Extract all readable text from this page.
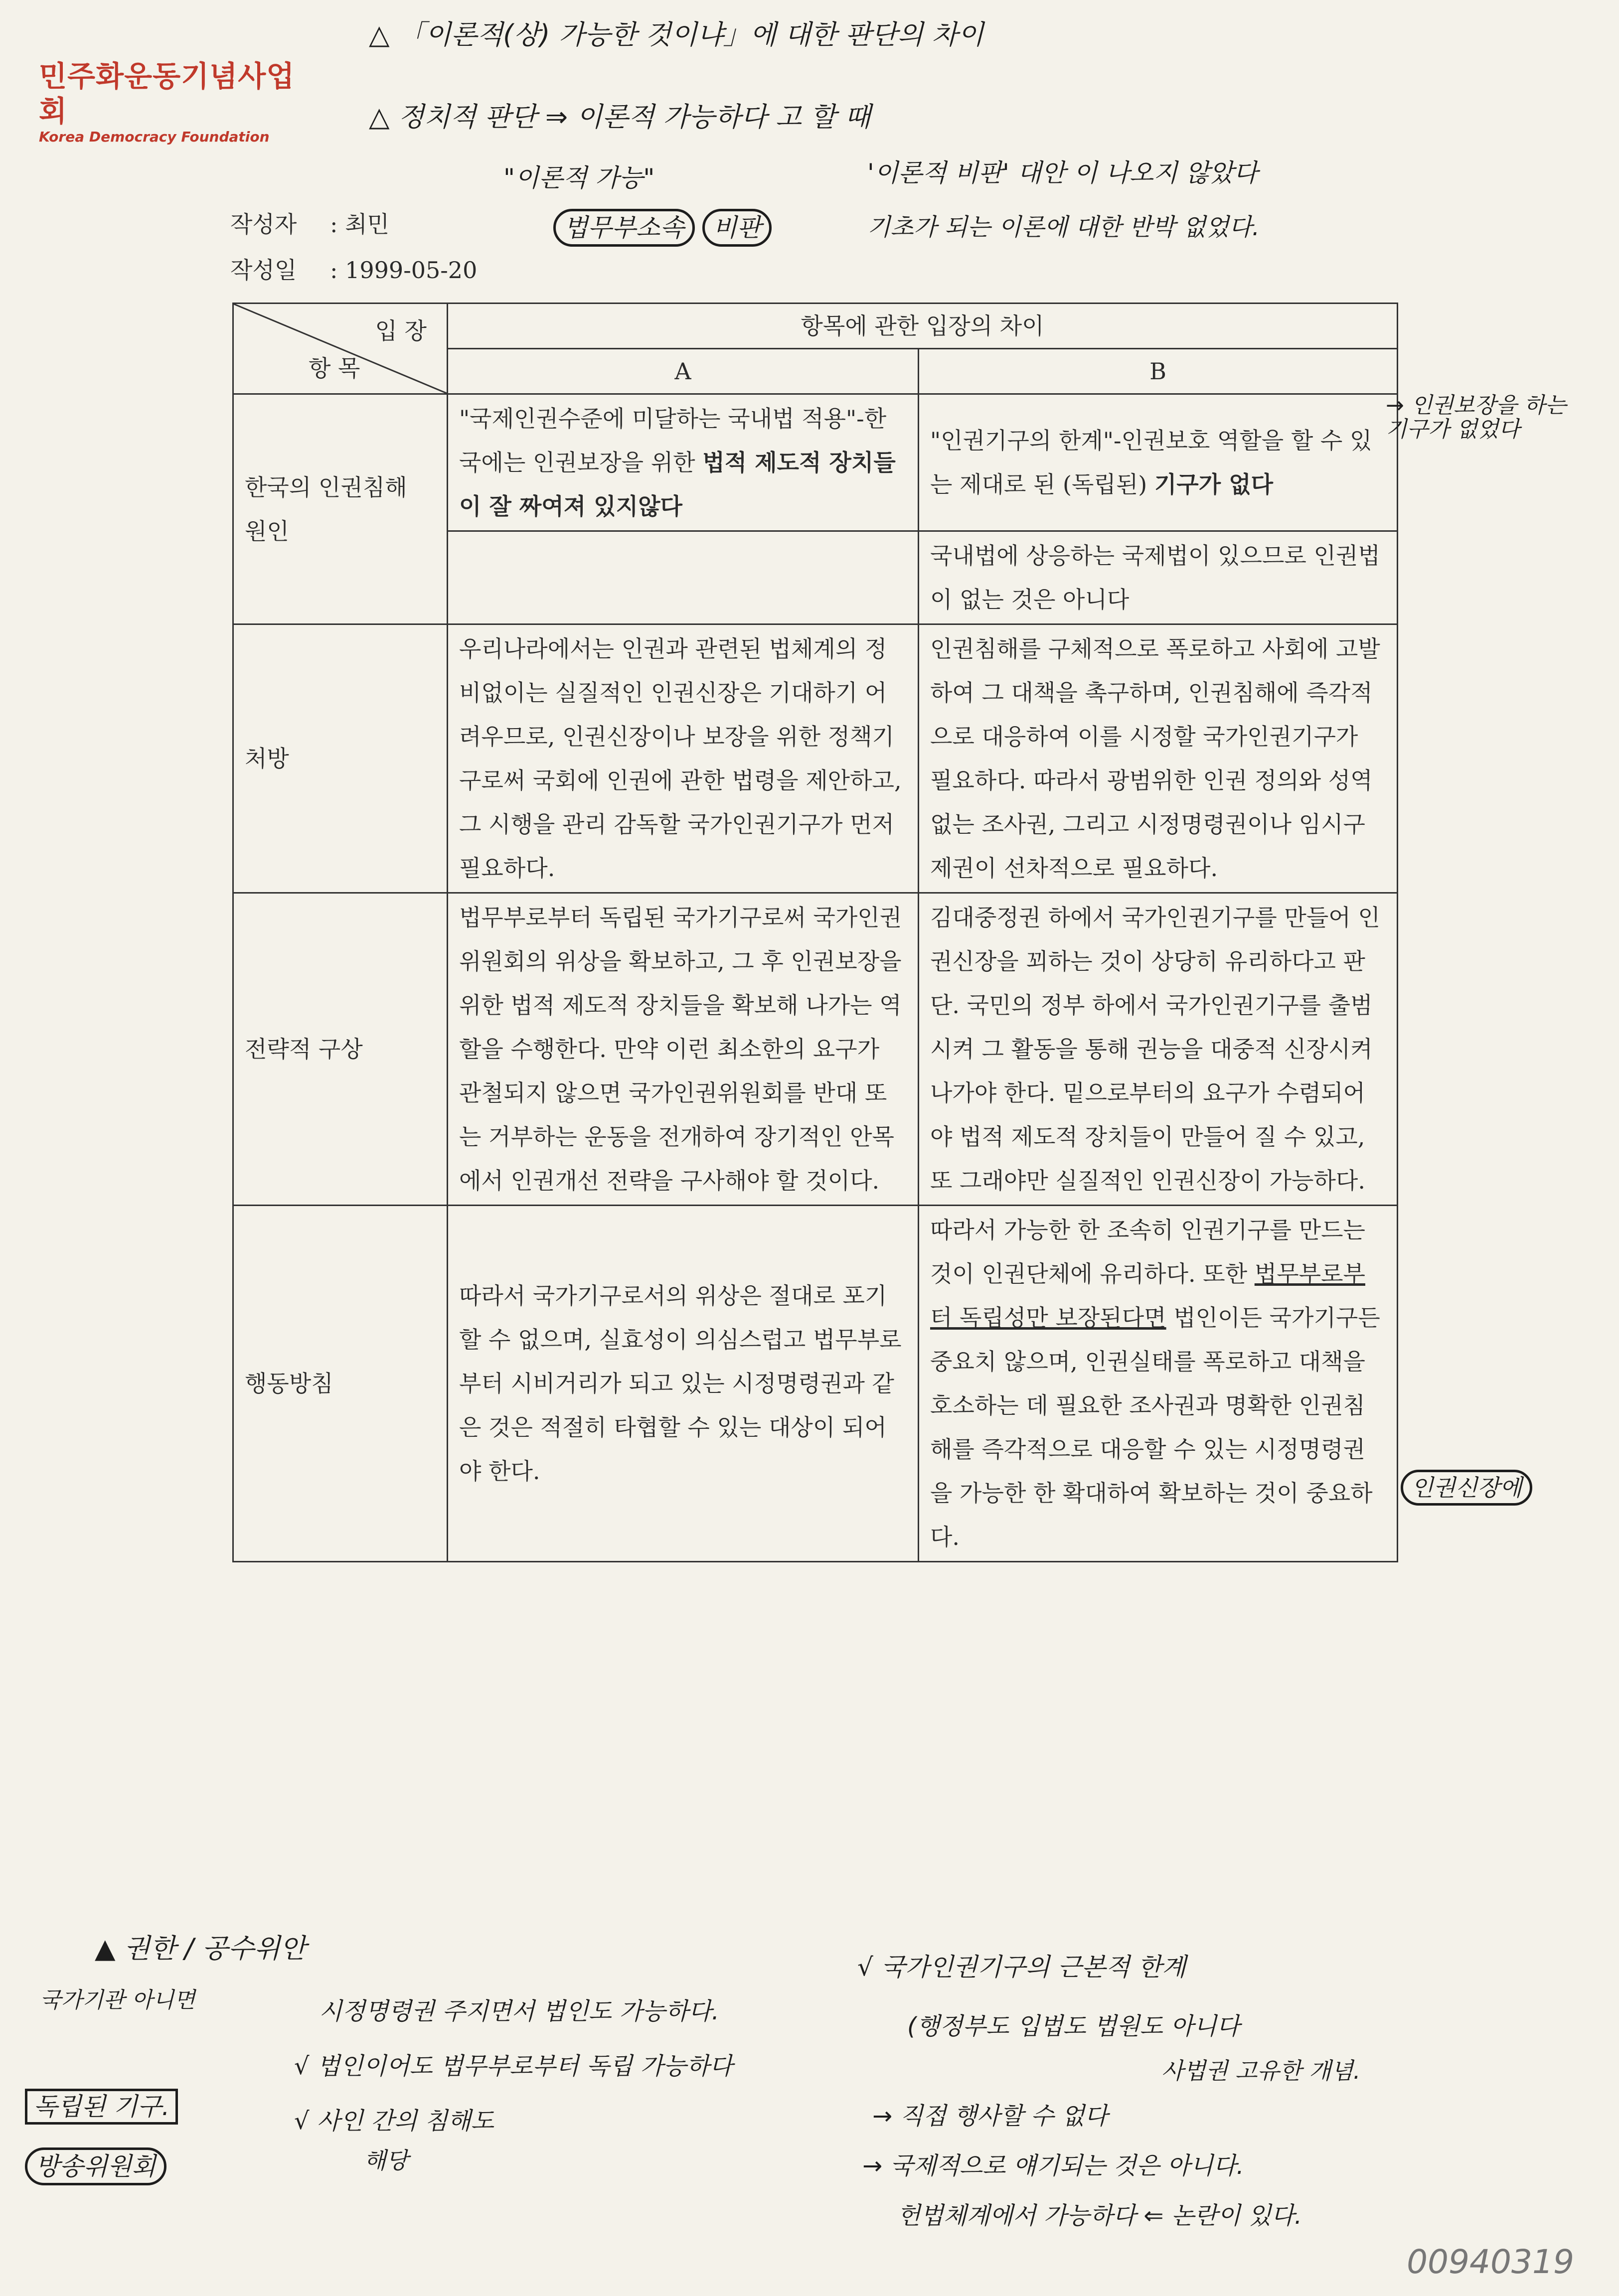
민주화운동기념사업회
Korea Democracy Foundation
△ 「이론적(상) 가능한 것이냐」에 대한 판단의 차이
△ 정치적 판단 ⇒ 이론적 가능하다 고 할 때
"이론적 가능"
법무부소속 비판
'이론적 비판' 대안 이 나오지 않았다
기초가 되는 이론에 대한 반박 없었다.
작성자 : 최민
작성일 : 1999-05-20
입 장
항 목	항목에 관한 입장의 차이	
	A	B
한국의 인권침해 원인	"국제인권수준에 미달하는 국내법 적용"-한국에는 인권보장을 위한 법적 제도적 장치들이 잘 짜여져 있지않다	"인권기구의 한계"-인권보호 역할을 할 수 있는 제대로 된 (독립된) 기구가 없다
		국내법에 상응하는 국제법이 있으므로 인권법이 없는 것은 아니다
처방	우리나라에서는 인권과 관련된 법체계의 정비없이는 실질적인 인권신장은 기대하기 어려우므로, 인권신장이나 보장을 위한 정책기구로써 국회에 인권에 관한 법령을 제안하고, 그 시행을 관리 감독할 국가인권기구가 먼저 필요하다.	인권침해를 구체적으로 폭로하고 사회에 고발하여 그 대책을 촉구하며, 인권침해에 즉각적으로 대응하여 이를 시정할 국가인권기구가 필요하다. 따라서 광범위한 인권 정의와 성역없는 조사권, 그리고 시정명령권이나 임시구제권이 선차적으로 필요하다.
전략적 구상	법무부로부터 독립된 국가기구로써 국가인권위원회의 위상을 확보하고, 그 후 인권보장을 위한 법적 제도적 장치들을 확보해 나가는 역할을 수행한다. 만약 이런 최소한의 요구가 관철되지 않으면 국가인권위원회를 반대 또는 거부하는 운동을 전개하여 장기적인 안목에서 인권개선 전략을 구사해야 할 것이다.	김대중정권 하에서 국가인권기구를 만들어 인권신장을 꾀하는 것이 상당히 유리하다고 판단. 국민의 정부 하에서 국가인권기구를 출범시켜 그 활동을 통해 권능을 대중적 신장시켜 나가야 한다. 밑으로부터의 요구가 수렴되어야 법적 제도적 장치들이 만들어 질 수 있고, 또 그래야만 실질적인 인권신장이 가능하다.
행동방침	따라서 국가기구로서의 위상은 절대로 포기할 수 없으며, 실효성이 의심스럽고 법무부로부터 시비거리가 되고 있는 시정명령권과 같은 것은 적절히 타협할 수 있는 대상이 되어야 한다.	따라서 가능한 한 조속히 인권기구를 만드는 것이 인권단체에 유리하다. 또한 법무부로부터 독립성만 보장된다면 법인이든 국가기구든 중요치 않으며, 인권실태를 폭로하고 대책을 호소하는 데 필요한 조사권과 명확한 인권침해를 즉각적으로 대응할 수 있는 시정명령권을 가능한 한 확대하여 확보하는 것이 중요하다.
→ 인권보장을 하는 기구가 없었다
인권신장에
▲ 권한 / 공수위안
국가기관 아니면	시정명령권 주지면서 법인도 가능하다.
√ 법인이어도 법무부로부터 독립 가능하다
√ 사인 간의 침해도
해당
독립된 기구.
방송위원회
√ 국가인권기구의 근본적 한계
(행정부도 입법도 법원도 아니다
사법권 고유한 개념.
→ 직접 행사할 수 없다
→ 국제적으로 얘기되는 것은 아니다.
헌법체계에서 가능하다 ⇐ 논란이 있다.
00940319
